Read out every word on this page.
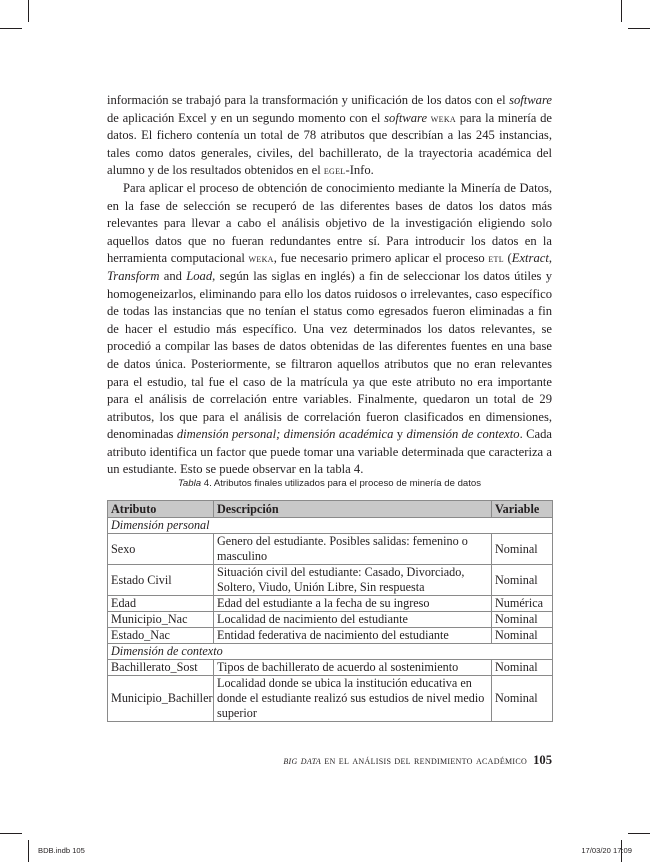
información se trabajó para la transformación y unificación de los datos con el software de aplicación Excel y en un segundo momento con el software weka para la minería de datos. El fichero contenía un total de 78 atributos que describían a las 245 instancias, tales como datos generales, civiles, del bachillerato, de la trayectoria académica del alumno y de los resultados obtenidos en el egel-Info.

Para aplicar el proceso de obtención de conocimiento mediante la Minería de Datos, en la fase de selección se recuperó de las diferentes bases de datos los datos más relevantes para llevar a cabo el análisis objetivo de la investigación eligiendo solo aquellos datos que no fueran redundantes entre sí. Para introducir los datos en la herramienta computacional weka, fue necesario primero aplicar el proceso etl (Extract, Transform and Load, según las siglas en inglés) a fin de seleccionar los datos útiles y homogeneizarlos, eliminando para ello los datos ruidosos o irrelevantes, caso específico de todas las instancias que no tenían el status como egresados fueron eliminadas a fin de hacer el estudio más específico. Una vez determinados los datos relevantes, se procedió a compilar las bases de datos obtenidas de las diferentes fuentes en una base de datos única. Posteriormente, se filtraron aquellos atributos que no eran relevantes para el estudio, tal fue el caso de la matrícula ya que este atributo no era importante para el análisis de correlación entre variables. Finalmente, quedaron un total de 29 atributos, los que para el análisis de correlación fueron clasificados en dimensiones, denominadas dimensión personal; dimensión académica y dimensión de contexto. Cada atributo identifica un factor que puede tomar una variable determinada que caracteriza a un estudiante. Esto se puede observar en la tabla 4.

Tabla 4. Atributos finales utilizados para el proceso de minería de datos
Atributo	Descripción	Variable
Dimensión personal		
Sexo	Genero del estudiante. Posibles salidas: femenino o masculino	Nominal
Estado Civil	Situación civil del estudiante: Casado, Divorciado, Soltero, Viudo, Unión Libre, Sin respuesta	Nominal
Edad	Edad del estudiante a la fecha de su ingreso	Numérica
Municipio_Nac	Localidad de nacimiento del estudiante	Nominal
Estado_Nac	Entidad federativa de nacimiento del estudiante	Nominal
Dimensión de contexto		
Bachillerato_Sost	Tipos de bachillerato de acuerdo al sostenimiento	Nominal
Municipio_Bachiller	Localidad donde se ubica la institución educativa en donde el estudiante realizó sus estudios de nivel medio superior	Nominal
big data en el análisis del rendimiento académico 105
BDB.indb 105	17/03/20 17:09
